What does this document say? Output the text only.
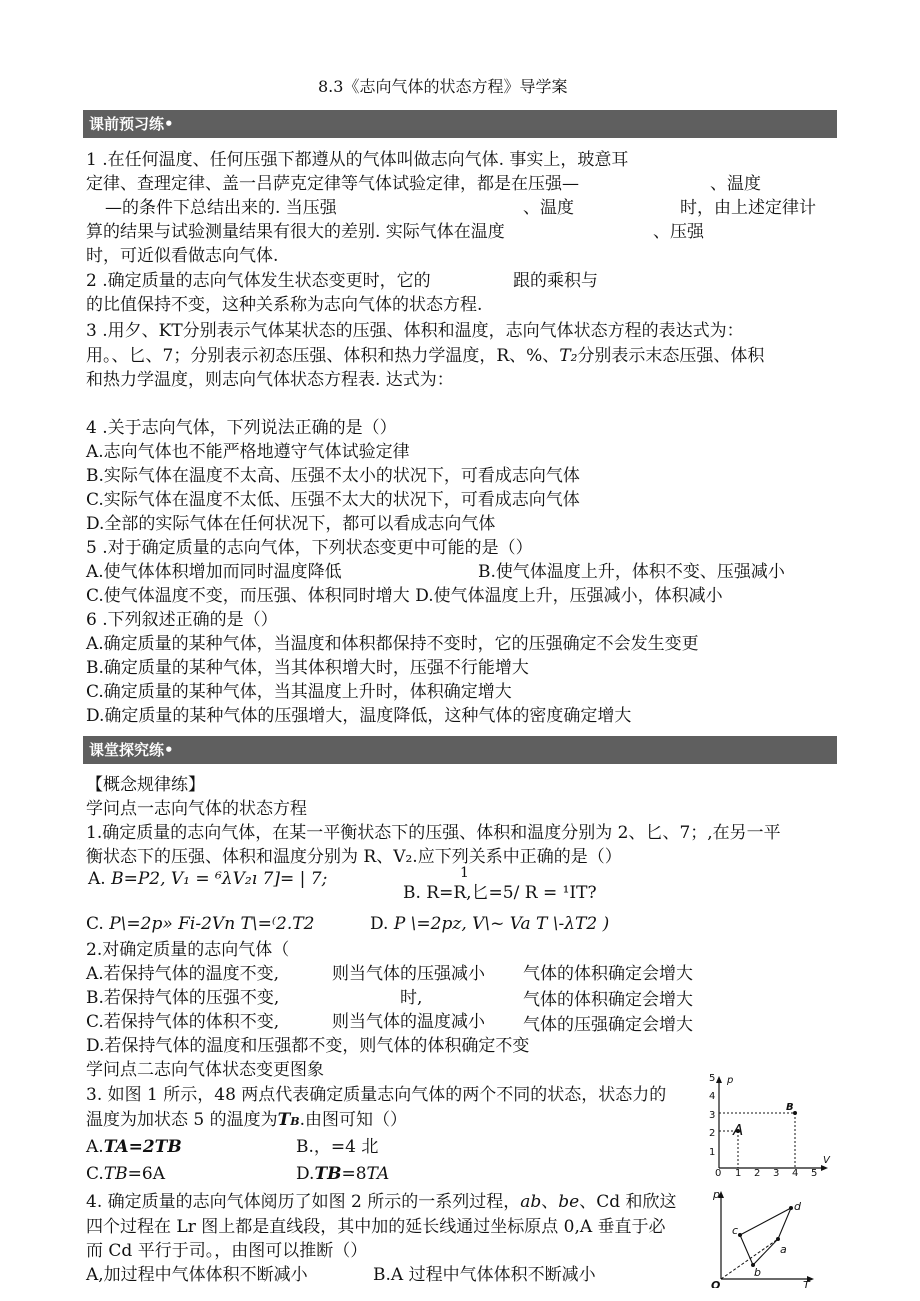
8.3《志向气体的状态方程》导学案
课前预习练•
1 .在任何温度、任何压强下都遵从的气体叫做志向气体. 事实上，玻意耳
定律、查理定律、盖一吕萨克定律等气体试验定律，都是在压强—	、温度
—的条件下总结出来的. 当压强	、温度	时，由上述定律计
算的结果与试验测量结果有很大的差别. 实际气体在温度	、压强
时，可近似看做志向气体.
2 .确定质量的志向气体发生状态变更时，它的	跟的乘积与
的比值保持不变，这种关系称为志向气体的状态方程.
3 .用夕、KT分别表示气体某状态的压强、体积和温度，志向气体状态方程的表达式为：
用。、匕、7；分别表示初态压强、体积和热力学温度，R、%、T₂分别表示末态压强、体积
和热力学温度，则志向气体状态方程表. 达式为：
4 .关于志向气体，下列说法正确的是（）
A.志向气体也不能严格地遵守气体试验定律
B.实际气体在温度不太高、压强不太小的状况下，可看成志向气体
C.实际气体在温度不太低、压强不太大的状况下，可看成志向气体
D.全部的实际气体在任何状况下，都可以看成志向气体
5 .对于确定质量的志向气体，下列状态变更中可能的是（）
A.使气体体积增加而同时温度降低	B.使气体温度上升，体积不变、压强减小
C.使气体温度不变，而压强、体积同时增大 D.使气体温度上升，压强减小，体积减小
6 .下列叙述正确的是（）
A.确定质量的某种气体，当温度和体积都保持不变时，它的压强确定不会发生变更
B.确定质量的某种气体，当其体积增大时，压强不行能增大
C.确定质量的某种气体，当其温度上升时，体积确定增大
D.确定质量的某种气体的压强增大，温度降低，这种气体的密度确定增大
课堂探究练•
【概念规律练】
学问点一志向气体的状态方程
1.确定质量的志向气体，在某一平衡状态下的压强、体积和温度分别为 2、匕、7；,在另一平
衡状态下的压强、体积和温度分别为 R、V₂.应下列关系中正确的是（）
A. B=P2, V₁ = ⁶λV₂ı 7]= | 7;	1
B. R=R,匕=5/ R = ¹IT?
C. P\=2p» Fi-2Vn T\=⁽2.T2	D. P \=2pz, V\~ Va T \-λT2 )
2.对确定质量的志向气体（
A.若保持气体的温度不变,	则当气体的压强减小 气体的体积确定会增大
B.若保持气体的压强不变,	时,	气体的体积确定会增大
C.若保持气体的体积不变,	则当气体的温度减小 气体的压强确定会增大
D.若保持气体的温度和压强都不变，则气体的体积确定不变
学问点二志向气体状态变更图象
3. 如图 1 所示，48 两点代表确定质量志向气体的两个不同的状态，状态力的
温度为加状态 5 的温度为TB.由图可知（）
A.TA=2TB	B.，=4 北
C.TB=6A	D.TB=8TA
4. 确定质量的志向气体阅历了如图 2 所示的一系列过程，ab、be、Cd 和欣这
四个过程在 Lr 图上都是直线段，其中加的延长线通过坐标原点 0,A 垂直于必
而 Cd 平行于司。，由图可以推断（）
A,加过程中气体体积不断减小	B.A 过程中气体体积不断减小
p
V
0 1 2 3 4 5
1
2
3
4
5
A
B
p
T
O
a
b
c
d
